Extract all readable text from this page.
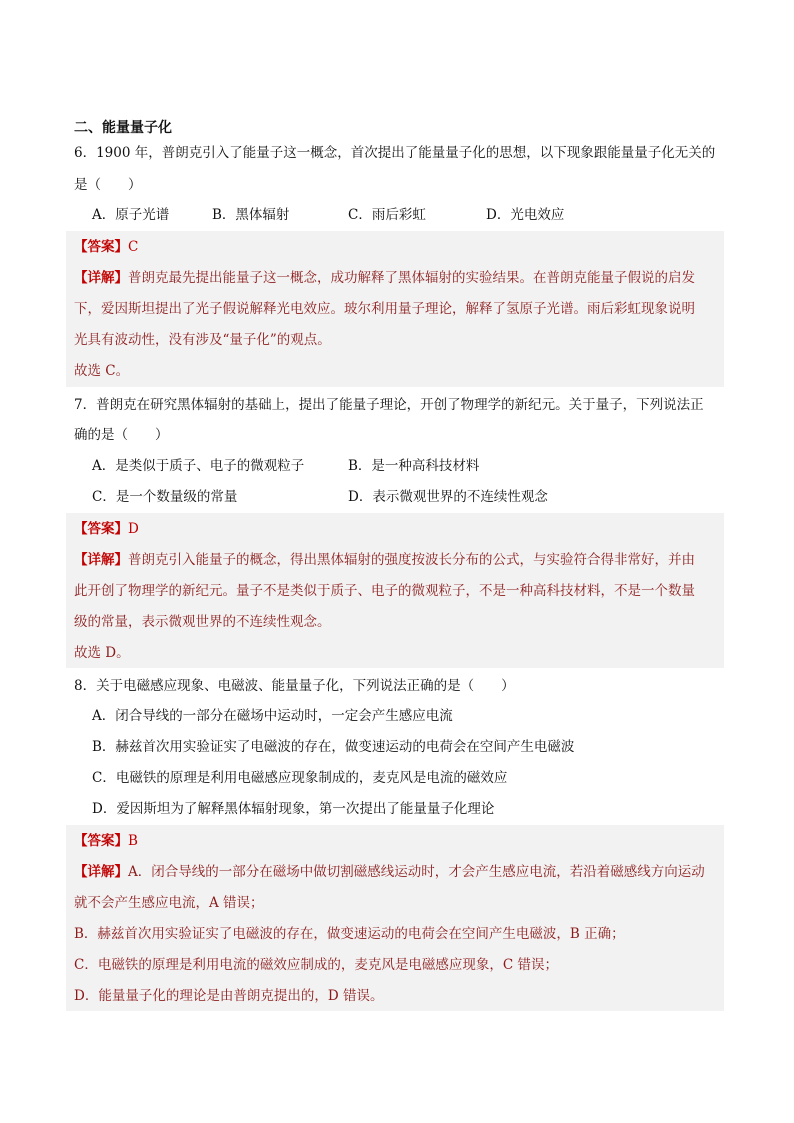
二、能量量子化
6．1900 年，普朗克引入了能量子这一概念，首次提出了能量量子化的思想，以下现象跟能量量子化无关的
是（　　）
A．原子光谱	B．黑体辐射	C．雨后彩虹	D．光电效应
【答案】C
【详解】普朗克最先提出能量子这一概念，成功解释了黑体辐射的实验结果。在普朗克能量子假说的启发
下，爱因斯坦提出了光子假说解释光电效应。玻尔利用量子理论，解释了氢原子光谱。雨后彩虹现象说明
光具有波动性，没有涉及“量子化”的观点。
故选 C。
7．普朗克在研究黑体辐射的基础上，提出了能量子理论，开创了物理学的新纪元。关于量子，下列说法正
确的是（　　）
A．是类似于质子、电子的微观粒子	B．是一种高科技材料
C．是一个数量级的常量	D．表示微观世界的不连续性观念
【答案】D
【详解】普朗克引入能量子的概念，得出黑体辐射的强度按波长分布的公式，与实验符合得非常好，并由
此开创了物理学的新纪元。量子不是类似于质子、电子的微观粒子，不是一种高科技材料，不是一个数量
级的常量，表示微观世界的不连续性观念。
故选 D。
8．关于电磁感应现象、电磁波、能量量子化，下列说法正确的是（　　）
A．闭合导线的一部分在磁场中运动时，一定会产生感应电流
B．赫兹首次用实验证实了电磁波的存在，做变速运动的电荷会在空间产生电磁波
C．电磁铁的原理是利用电磁感应现象制成的，麦克风是电流的磁效应
D．爱因斯坦为了解释黑体辐射现象，第一次提出了能量量子化理论
【答案】B
【详解】A．闭合导线的一部分在磁场中做切割磁感线运动时，才会产生感应电流，若沿着磁感线方向运动
就不会产生感应电流，A 错误；
B．赫兹首次用实验证实了电磁波的存在，做变速运动的电荷会在空间产生电磁波，B 正确；
C．电磁铁的原理是利用电流的磁效应制成的，麦克风是电磁感应现象，C 错误；
D．能量量子化的理论是由普朗克提出的，D 错误。
